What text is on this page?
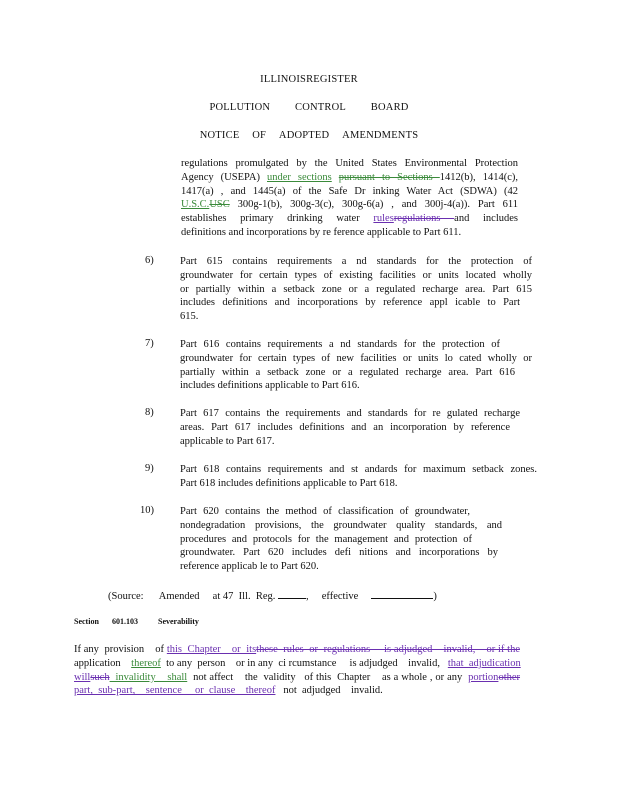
ILLINOISREGISTER
POLLUTION CONTROL BOARD
NOTICE OF ADOPTED AMENDMENTS
regulations promulgated by the United States Environmental Protection
Agency (USEPA) under sections pursuant to Sections 1412(b), 1414(c),
1417(a) , and 1445(a) of the Safe Dr inking Water Act (SDWA) (42
U.S.C.USC 300g-1(b), 300g-3(c), 300g-6(a) , and 300j-4(a)). Part 611
establishes primary drinking water rulesregulations and includes
definitions and incorporations by re ference applicable to Part 611.
6)	Part 615 contains requirements a nd standards for the protection of
groundwater for certain types of existing facilities or units located wholly
or partially within a setback zone or a regulated recharge area. Part 615
includes definitions and incorporations by reference appl icable to Part
615.
7)	Part 616 contains requirements a nd standards for the protection of
groundwater for certain types of new facilities or units lo cated wholly or
partially within a setback zone or a regulated recharge area. Part 616
includes definitions applicable to Part 616.
8)	Part 617 contains the requirements and standards for re gulated recharge
areas. Part 617 includes definitions and an incorporation by reference
applicable to Part 617.
9)	Part 618 contains requirements and st andards for maximum setback zones.
Part 618 includes definitions applicable to Part 618.
10) Part 620 contains the method of classification of groundwater,
nondegradation provisions, the groundwater quality standards, and
procedures and protocols for the management and protection of
groundwater. Part 620 includes defi nitions and incorporations by
reference applicab le to Part 620.
(Source:      Amended     at 47  Ill.  Reg.	,     effective	)
Section 601.103	Severability
If any  provision    of this  Chapter    or  itsthese  rules  or  regulations     is adjudged    invalid,    or if the
application    thereof  to any  person    or in any  ci rcumstance     is adjudged    invalid,   that  adjudication
willsuch  invalidity    shall  not affect    the  validity   of this  Chapter    as a whole , or any  portionother
part,  sub-part,    sentence     or  clause    thereof   not  adjudged    invalid.
